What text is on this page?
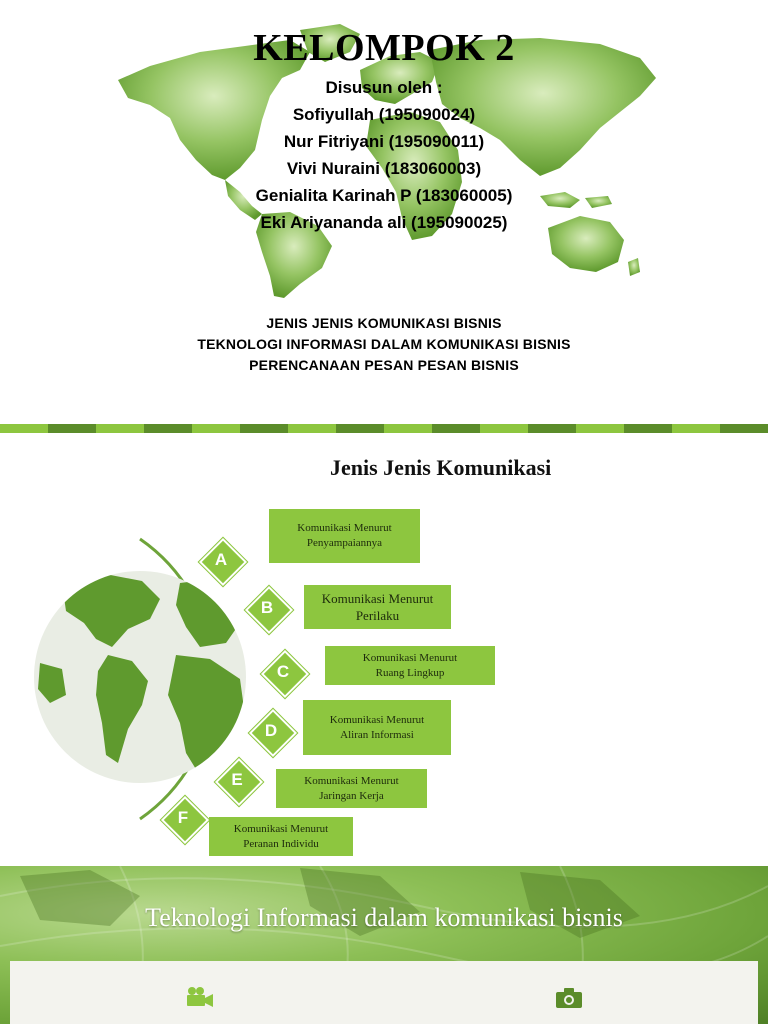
KELOMPOK 2
Disusun oleh :
Sofiyullah (195090024)
Nur Fitriyani (195090011)
Vivi Nuraini (183060003)
Genialita Karinah P (183060005)
Eki Ariyananda ali (195090025)
JENIS JENIS KOMUNIKASI BISNIS
TEKNOLOGI INFORMASI DALAM KOMUNIKASI BISNIS
PERENCANAAN PESAN PESAN BISNIS
Jenis Jenis Komunikasi
A
B
C
D
E
F
Komunikasi Menurut
Penyampaiannya
Komunikasi Menurut
Perilaku
Komunikasi Menurut
Ruang Lingkup
Komunikasi Menurut
Aliran Informasi
Komunikasi Menurut
Jaringan Kerja
Komunikasi Menurut
Peranan Individu
Teknologi Informasi dalam komunikasi bisnis
